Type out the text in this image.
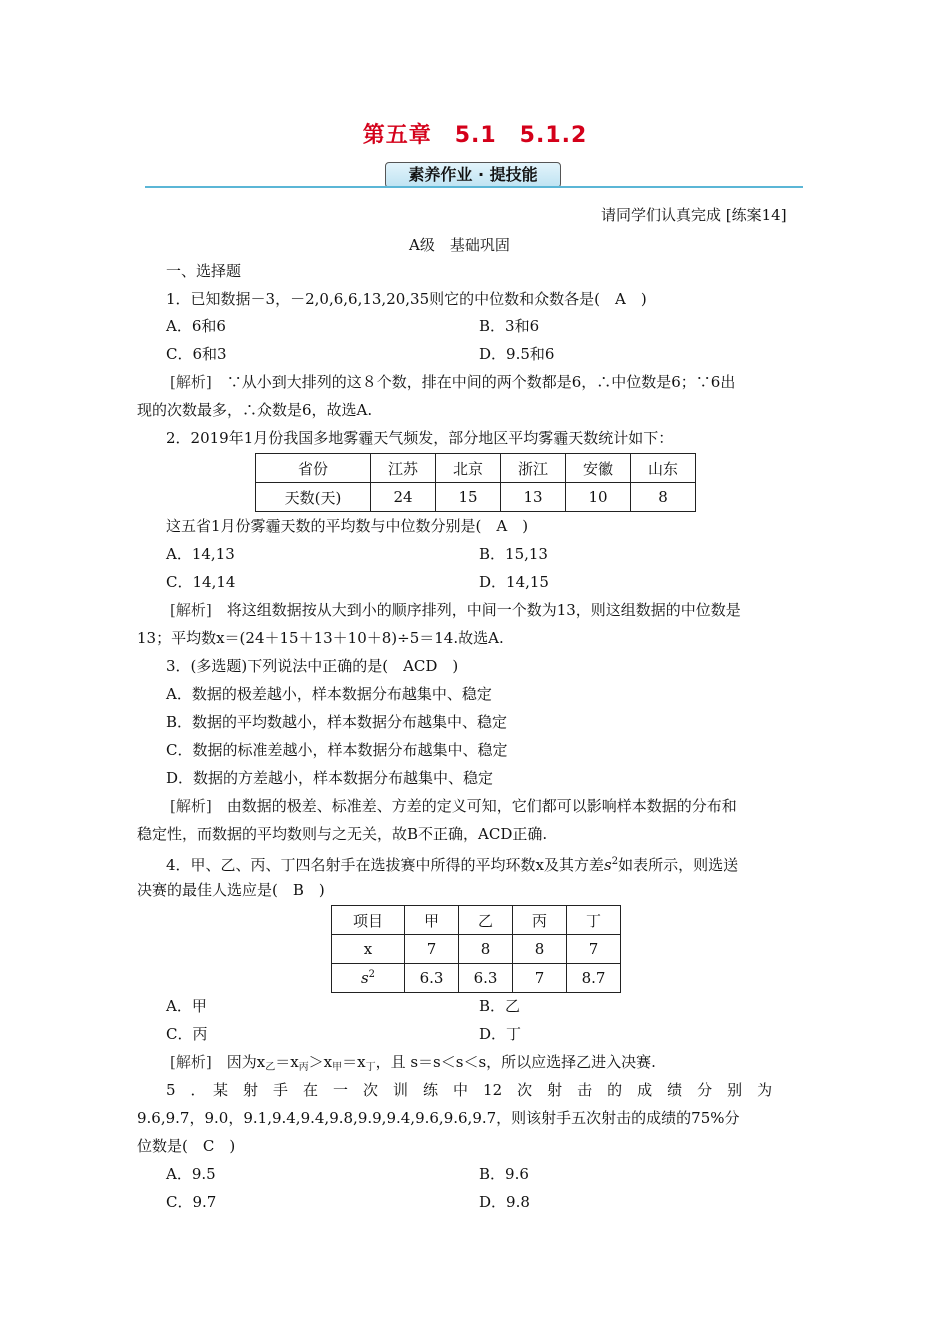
第五章　5.1　5.1.2
素养作业 · 提技能
请同学们认真完成 [练案14]
A级　基础巩固
一、选择题
1．已知数据－3，－2,0,6,6,13,20,35则它的中位数和众数各是(　A　)
A．6和6	B．3和6
C．6和3	D．9.5和6
[解析]　∵从小到大排列的这８个数，排在中间的两个数都是6，∴中位数是6；∵6出
现的次数最多，∴众数是6，故选A.
2．2019年1月份我国多地雾霾天气频发，部分地区平均雾霾天数统计如下：
省份	江苏	北京	浙江	安徽	山东
天数(天)	24	15	13	10	8
这五省1月份雾霾天数的平均数与中位数分别是(　A　)
A．14,13	B．15,13
C．14,14	D．14,15
[解析]　将这组数据按从大到小的顺序排列，中间一个数为13，则这组数据的中位数是
13；平均数x＝(24＋15＋13＋10＋8)÷5＝14.故选A.
3．(多选题)下列说法中正确的是(　ACD　)
A．数据的极差越小，样本数据分布越集中、稳定
B．数据的平均数越小，样本数据分布越集中、稳定
C．数据的标准差越小，样本数据分布越集中、稳定
D．数据的方差越小，样本数据分布越集中、稳定
[解析]　由数据的极差、标准差、方差的定义可知，它们都可以影响样本数据的分布和
稳定性，而数据的平均数则与之无关，故B不正确，ACD正确.
4．甲、乙、丙、丁四名射手在选拔赛中所得的平均环数x及其方差$s^2$如表所示，则选送
决赛的最佳人选应是(　B　)
项目	甲	乙	丙	丁
x	7	8	8	7
$s^2$	6.3	6.3	7	8.7
A．甲	B．乙
C．丙	D．丁
[解析]　因为$x_乙=x_丙>x_甲=x_丁$，且 s＝s＜s＜s，所以应选择乙进入决赛.
5　．　某　射　手　在　一　次　训　练　中　12　次　射　击　的　成　绩　分　别　为
9.6,9.7，9.0，9.1,9.4,9.4,9.8,9.9,9.4,9.6,9.6,9.7，则该射手五次射击的成绩的75%分
位数是(　C　)
A．9.5	B．9.6
C．9.7	D．9.8
